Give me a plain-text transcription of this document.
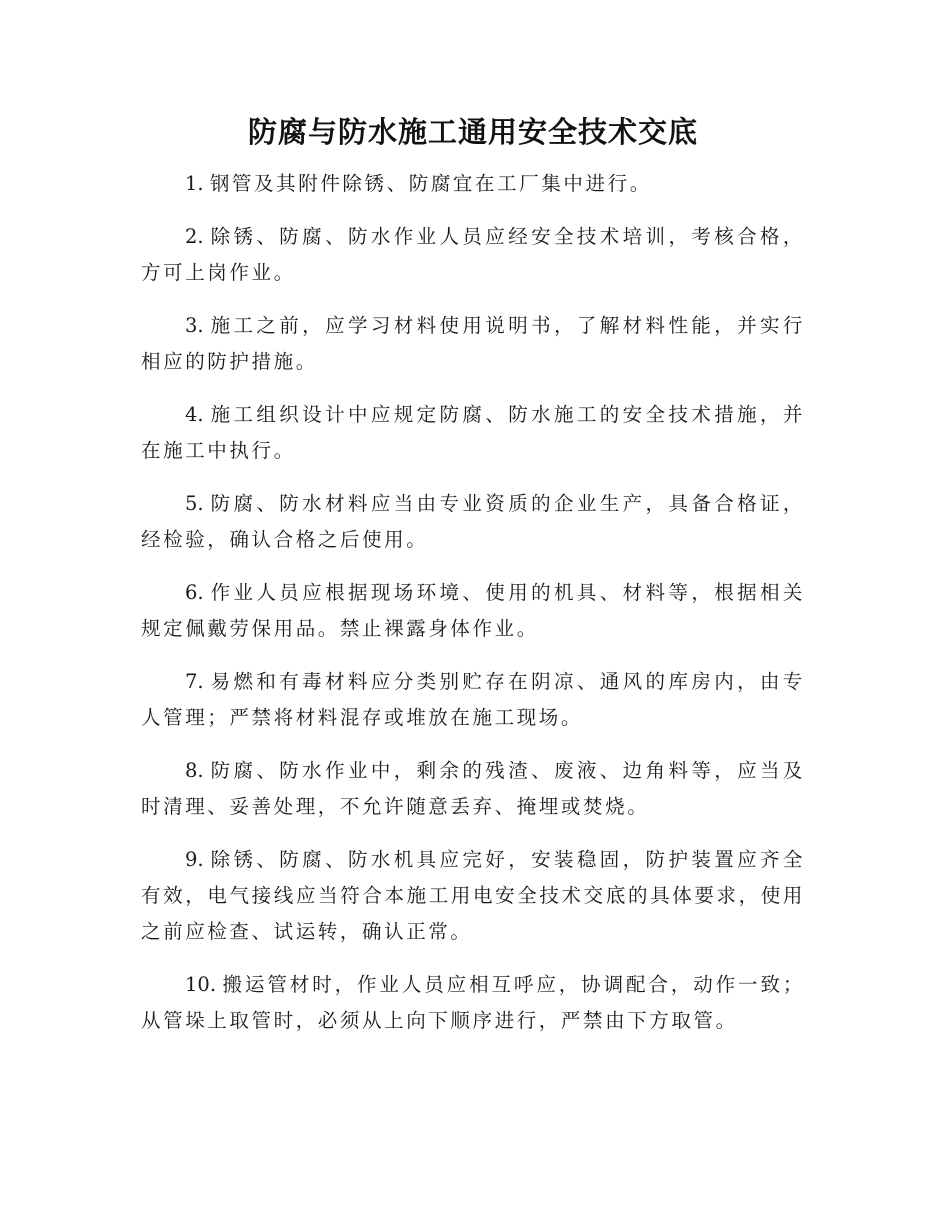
防腐与防水施工通用安全技术交底
1. 钢管及其附件除锈、防腐宜在工厂集中进行。
2. 除锈、防腐、防水作业人员应经安全技术培训，考核合格，方可上岗作业。
3. 施工之前，应学习材料使用说明书，了解材料性能，并实行相应的防护措施。
4. 施工组织设计中应规定防腐、防水施工的安全技术措施，并在施工中执行。
5. 防腐、防水材料应当由专业资质的企业生产，具备合格证，经检验，确认合格之后使用。
6. 作业人员应根据现场环境、使用的机具、材料等，根据相关规定佩戴劳保用品。禁止裸露身体作业。
7. 易燃和有毒材料应分类别贮存在阴凉、通风的库房内，由专人管理；严禁将材料混存或堆放在施工现场。
8. 防腐、防水作业中，剩余的残渣、废液、边角料等，应当及时清理、妥善处理，不允许随意丢弃、掩埋或焚烧。
9. 除锈、防腐、防水机具应完好，安装稳固，防护装置应齐全有效，电气接线应当符合本施工用电安全技术交底的具体要求，使用之前应检查、试运转，确认正常。
10. 搬运管材时，作业人员应相互呼应，协调配合，动作一致；从管垛上取管时，必须从上向下顺序进行，严禁由下方取管。
